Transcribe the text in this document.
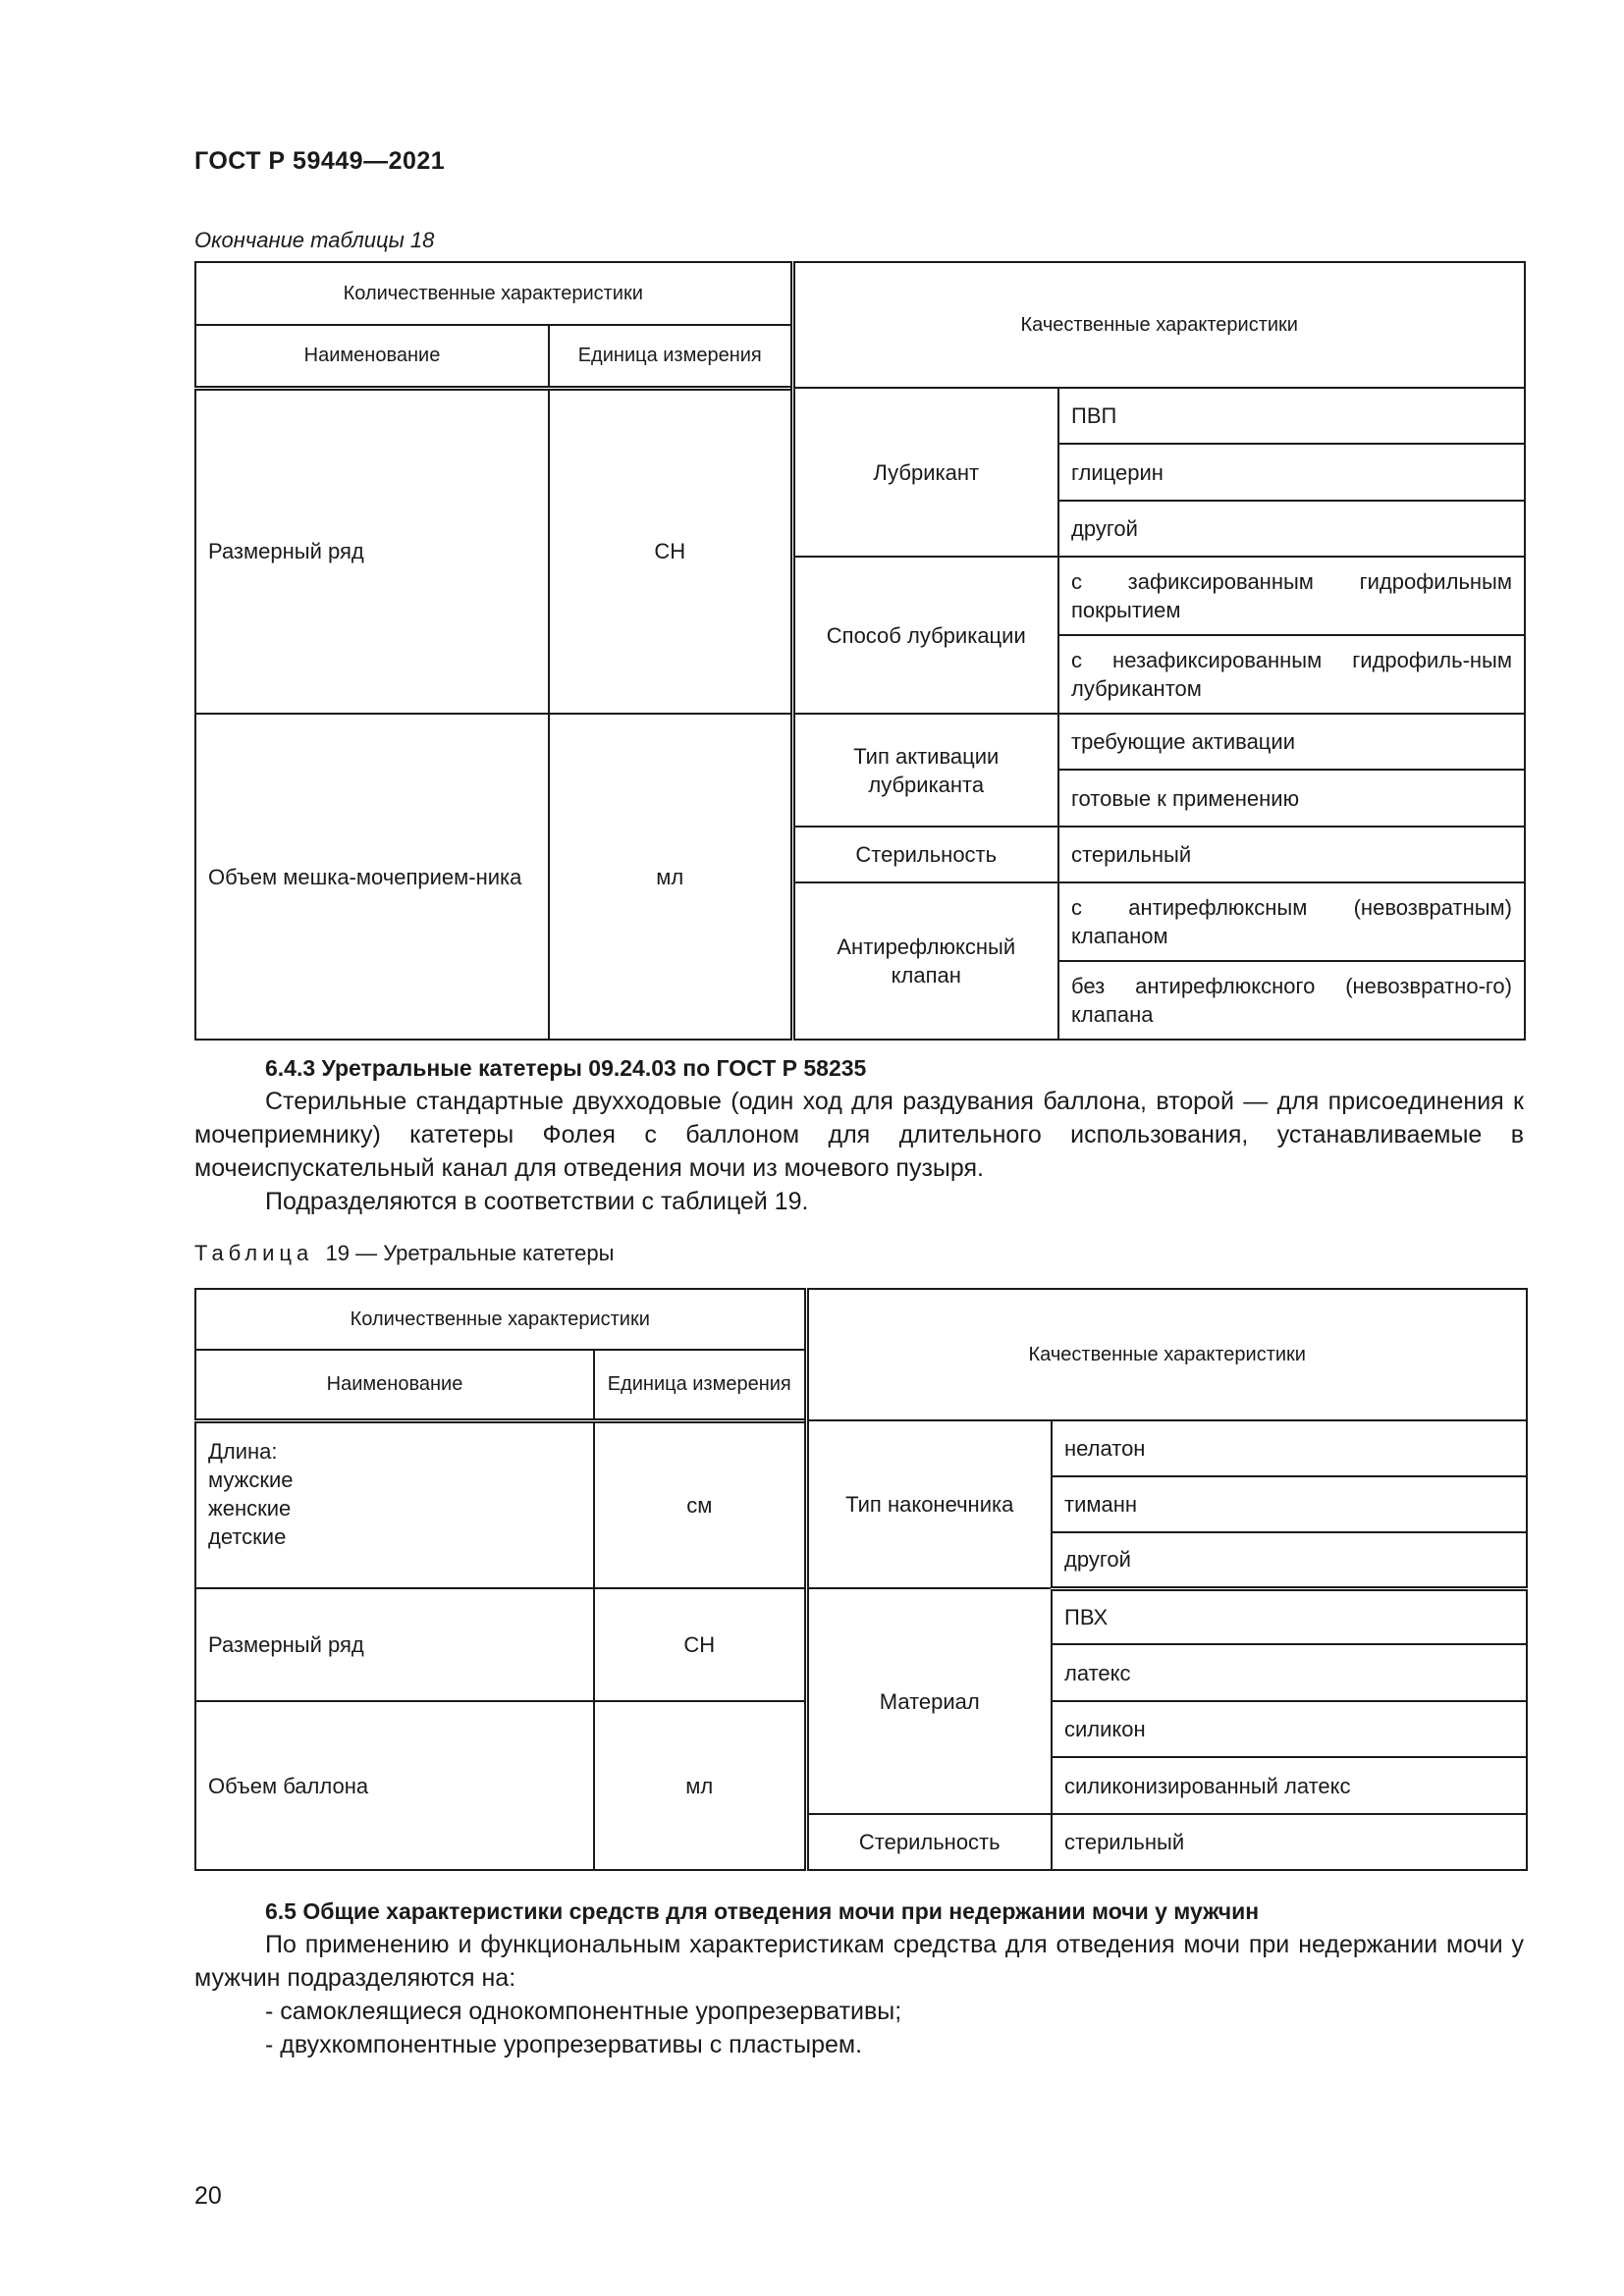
ГОСТ Р 59449—2021
Окончание таблицы 18
Количественные характеристики		Качественные характеристики	
Наименование	Единица измерения		
Размерный ряд	СН	Лубрикант	ПВП
			глицерин
			другой
		Способ лубрикации	с зафиксированным гидрофильным покрытием
			с незафиксированным гидрофиль-ным лубрикантом
Объем мешка-мочеприем-ника	мл	Тип активации лубриканта	требующие активации
			готовые к применению
		Стерильность	стерильный
		Антирефлюксный клапан	с антирефлюксным (невозвратным) клапаном
			без антирефлюксного (невозвратно-го) клапана

6.4.3 Уретральные катетеры 09.24.03 по ГОСТ Р 58235

Стерильные стандартные двухходовые (один ход для раздувания баллона, второй — для присоединения к мочеприемнику) катетеры Фолея с баллоном для длительного использования, устанавливаемые в мочеиспускательный канал для отведения мочи из мочевого пузыря.

Подразделяются в соответствии с таблицей 19.

Таблица 19 — Уретральные катетеры
Количественные характеристики		Качественные характеристики	
Наименование	Единица измерения		

Длина:
мужские
женские
детские	см	Тип наконечника	нелатон
			тиманн
			другой
Размерный ряд	СН	Материал	ПВХ
			латекс
Объем баллона	мл		силикон
			силиконизированный латекс
		Стерильность	стерильный

6.5 Общие характеристики средств для отведения мочи при недержании мочи у мужчин

По применению и функциональным характеристикам средства для отведения мочи при недержании мочи у мужчин подразделяются на:

- самоклеящиеся однокомпонентные уропрезервативы;

- двухкомпонентные уропрезервативы с пластырем.

20
